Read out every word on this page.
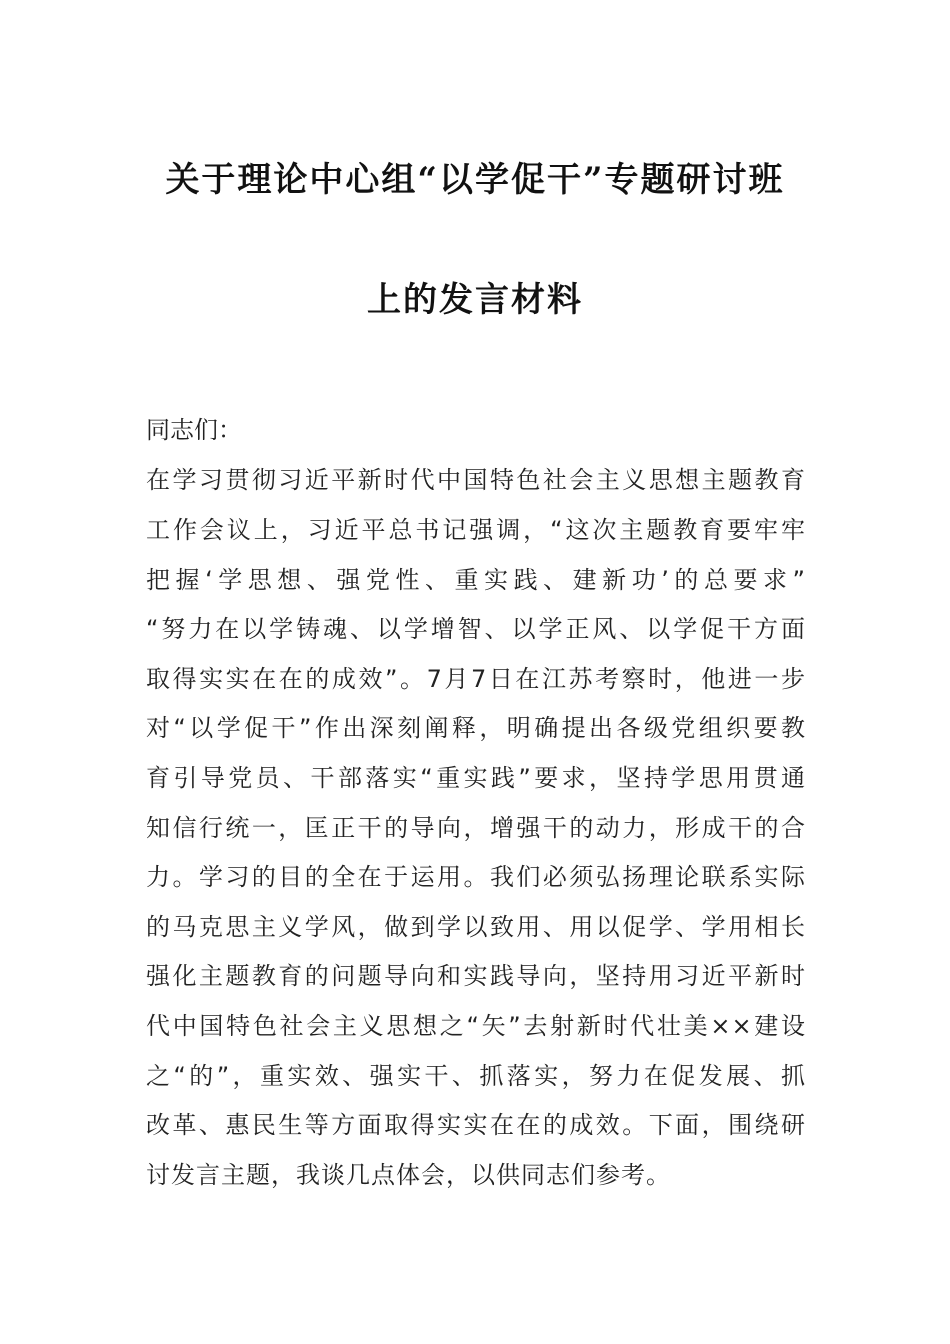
关于理论中心组“以学促干”专题研讨班
上的发言材料
同志们：
在学习贯彻习近平新时代中国特色社会主义思想主题教育
工作会议上，习近平总书记强调，“这次主题教育要牢牢
把握‘学思想、强党性、重实践、建新功’的总要求”
“努力在以学铸魂、以学增智、以学正风、以学促干方面
取得实实在在的成效”。7月7日在江苏考察时，他进一步
对“以学促干”作出深刻阐释，明确提出各级党组织要教
育引导党员、干部落实“重实践”要求，坚持学思用贯通
知信行统一，匡正干的导向，增强干的动力，形成干的合
力。学习的目的全在于运用。我们必须弘扬理论联系实际
的马克思主义学风，做到学以致用、用以促学、学用相长
强化主题教育的问题导向和实践导向，坚持用习近平新时
代中国特色社会主义思想之“矢”去射新时代壮美××建设
之“的”，重实效、强实干、抓落实，努力在促发展、抓
改革、惠民生等方面取得实实在在的成效。下面，围绕研
讨发言主题，我谈几点体会，以供同志们参考。
